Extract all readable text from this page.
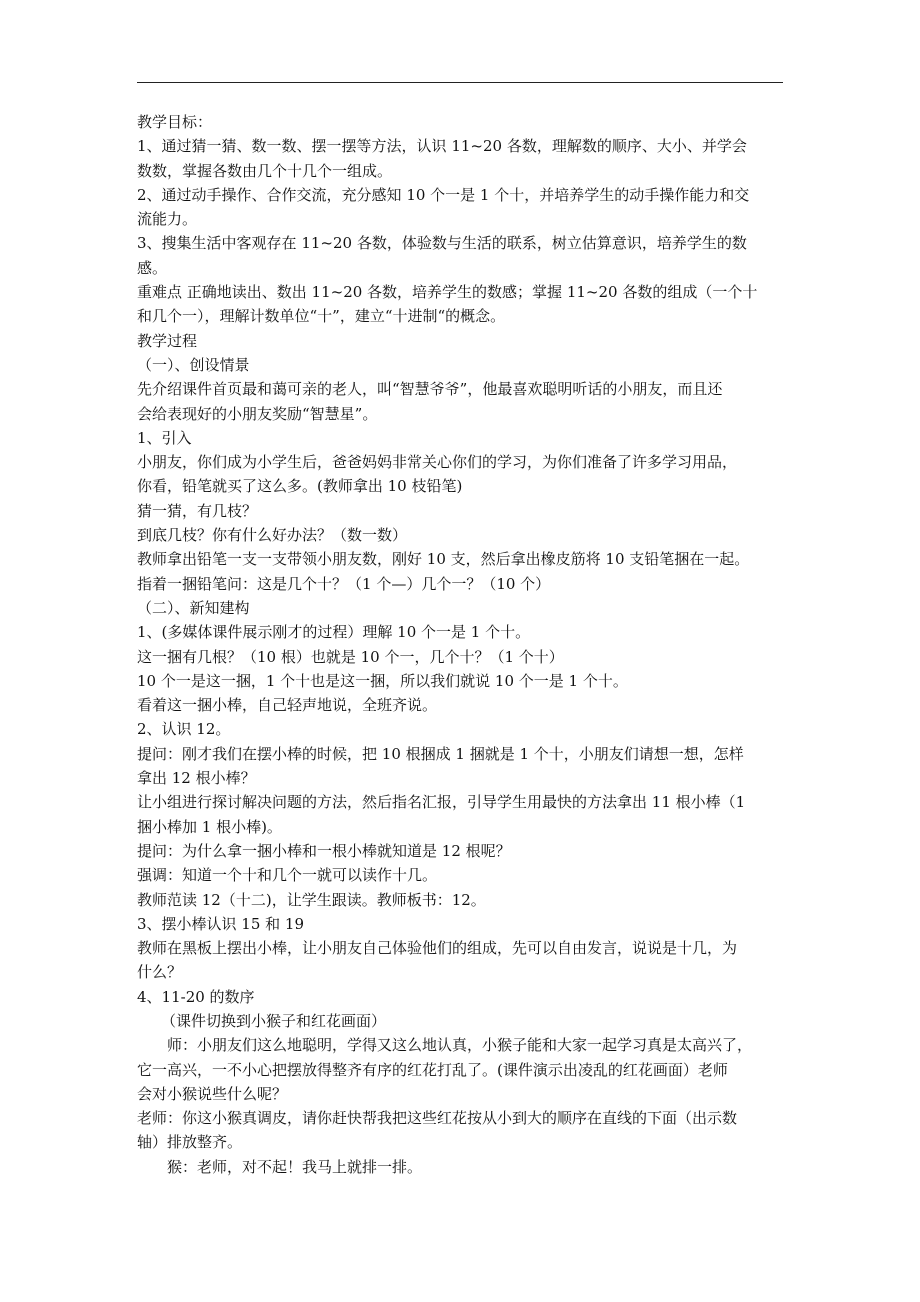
教学目标：
1、通过猜一猜、数一数、摆一摆等方法，认识 11~20 各数，理解数的顺序、大小、并学会
数数，掌握各数由几个十几个一组成。
2、通过动手操作、合作交流，充分感知 10 个一是 1 个十，并培养学生的动手操作能力和交
流能力。
3、搜集生活中客观存在 11~20 各数，体验数与生活的联系，树立估算意识，培养学生的数
感。
重难点 正确地读出、数出 11~20 各数，培养学生的数感；掌握 11~20 各数的组成（一个十
和几个一），理解计数单位“十”，建立“十进制“的概念。
教学过程
（一）、创设情景
先介绍课件首页最和蔼可亲的老人，叫“智慧爷爷”，他最喜欢聪明听话的小朋友，而且还
会给表现好的小朋友奖励“智慧星”。
1、引入
小朋友，你们成为小学生后，爸爸妈妈非常关心你们的学习，为你们准备了许多学习用品，
你看，铅笔就买了这么多。(教师拿出 10 枝铅笔)
猜一猜，有几枝？
到底几枝？你有什么好办法？（数一数）
教师拿出铅笔一支一支带领小朋友数，刚好 10 支，然后拿出橡皮筋将 10 支铅笔捆在一起。
指着一捆铅笔问：这是几个十？（1 个—）几个一？（10 个）
（二）、新知建构
1、(多媒体课件展示刚才的过程）理解 10 个一是 1 个十。
这一捆有几根？（10 根）也就是 10 个一，几个十？（1 个十）
10 个一是这一捆，1 个十也是这一捆，所以我们就说 10 个一是 1 个十。
看着这一捆小棒，自己轻声地说，全班齐说。
2、认识 12。
提问：刚才我们在摆小棒的时候，把 10 根捆成 1 捆就是 1 个十，小朋友们请想一想，怎样
拿出 12 根小棒？
让小组进行探讨解决问题的方法，然后指名汇报，引导学生用最快的方法拿出 11 根小棒（1
捆小棒加 1 根小棒)。
提问：为什么拿一捆小棒和一根小棒就知道是 12 根呢？
强调：知道一个十和几个一就可以读作十几。
教师范读 12（十二)，让学生跟读。教师板书：12。
3、摆小棒认识 15 和 19
教师在黑板上摆出小棒，让小朋友自己体验他们的组成，先可以自由发言，说说是十几，为
什么？
4、11-20 的数序
（课件切换到小猴子和红花画面）
师：小朋友们这么地聪明，学得又这么地认真，小猴子能和大家一起学习真是太高兴了，
它一高兴，一不小心把摆放得整齐有序的红花打乱了。(课件演示出凌乱的红花画面）老师
会对小猴说些什么呢？
老师：你这小猴真调皮，请你赶快帮我把这些红花按从小到大的顺序在直线的下面（出示数
轴）排放整齐。
猴：老师，对不起！我马上就排一排。
